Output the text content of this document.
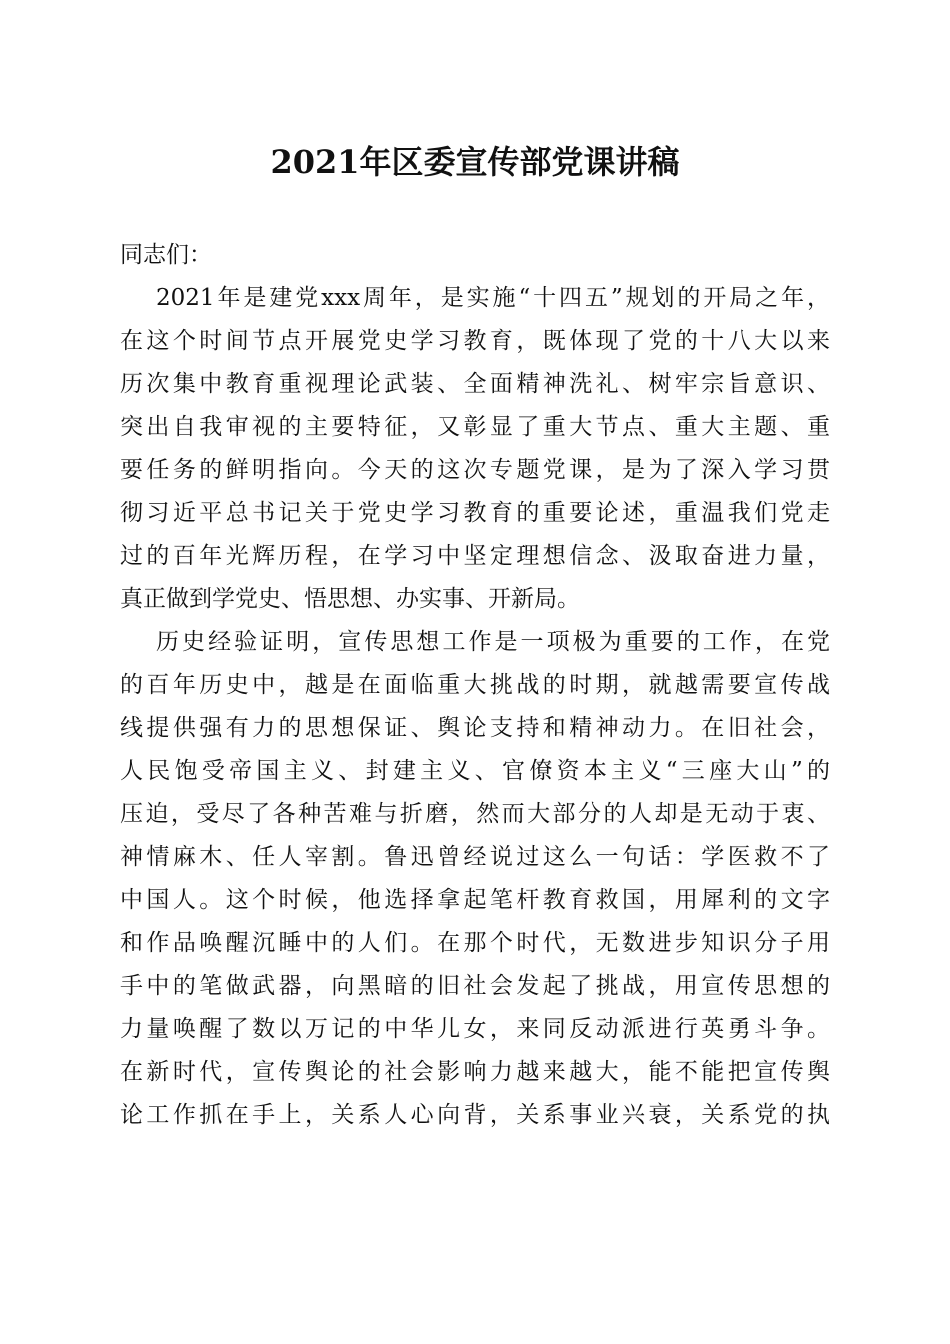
2021年区委宣传部党课讲稿
同志们：
2021年是建党xxx周年，是实施“十四五”规划的开局之年，
在这个时间节点开展党史学习教育，既体现了党的十八大以来
历次集中教育重视理论武装、全面精神洗礼、树牢宗旨意识、
突出自我审视的主要特征，又彰显了重大节点、重大主题、重
要任务的鲜明指向。今天的这次专题党课，是为了深入学习贯
彻习近平总书记关于党史学习教育的重要论述，重温我们党走
过的百年光辉历程，在学习中坚定理想信念、汲取奋进力量，
真正做到学党史、悟思想、办实事、开新局。
历史经验证明，宣传思想工作是一项极为重要的工作，在党
的百年历史中，越是在面临重大挑战的时期，就越需要宣传战
线提供强有力的思想保证、舆论支持和精神动力。在旧社会，
人民饱受帝国主义、封建主义、官僚资本主义“三座大山”的
压迫，受尽了各种苦难与折磨，然而大部分的人却是无动于衷、
神情麻木、任人宰割。鲁迅曾经说过这么一句话：学医救不了
中国人。这个时候，他选择拿起笔杆教育救国，用犀利的文字
和作品唤醒沉睡中的人们。在那个时代，无数进步知识分子用
手中的笔做武器，向黑暗的旧社会发起了挑战，用宣传思想的
力量唤醒了数以万记的中华儿女，来同反动派进行英勇斗争。
在新时代，宣传舆论的社会影响力越来越大，能不能把宣传舆
论工作抓在手上，关系人心向背，关系事业兴衰，关系党的执
